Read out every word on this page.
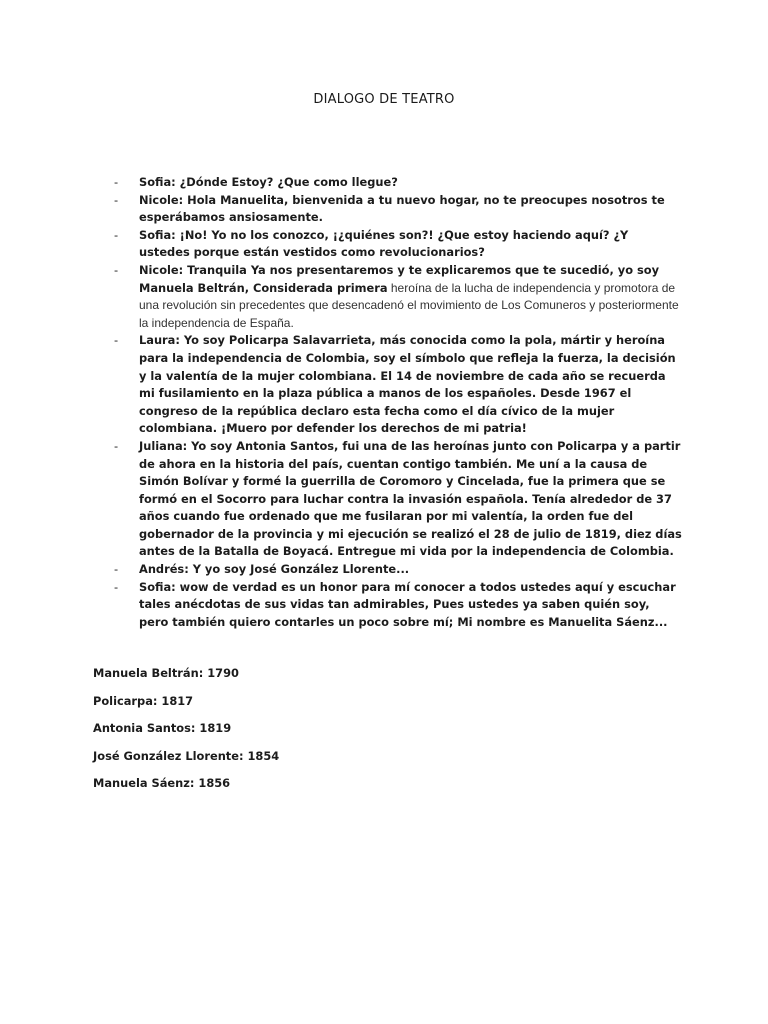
DIALOGO DE TEATRO
- Sofia: ¿Dónde Estoy? ¿Que como llegue?
- Nicole: Hola Manuelita, bienvenida a tu nuevo hogar, no te preocupes nosotros te esperábamos ansiosamente.
- Sofia: ¡No! Yo no los conozco, ¡¿quiénes son?! ¿Que estoy haciendo aquí? ¿Y ustedes porque están vestidos como revolucionarios?
- Nicole: Tranquila Ya nos presentaremos y te explicaremos que te sucedió, yo soy Manuela Beltrán, Considerada primera heroína de la lucha de independencia y promotora de una revolución sin precedentes que desencadenó el movimiento de Los Comuneros y posteriormente la independencia de España.
- Laura: Yo soy Policarpa Salavarrieta, más conocida como la pola, mártir y heroína para la independencia de Colombia, soy el símbolo que refleja la fuerza, la decisión y la valentía de la mujer colombiana. El 14 de noviembre de cada año se recuerda mi fusilamiento en la plaza pública a manos de los españoles. Desde 1967 el congreso de la república declaro esta fecha como el día cívico de la mujer colombiana. ¡Muero por defender los derechos de mi patria!
- Juliana: Yo soy Antonia Santos, fui una de las heroínas junto con Policarpa y a partir de ahora en la historia del país, cuentan contigo también. Me uní a la causa de Simón Bolívar y formé la guerrilla de Coromoro y Cincelada, fue la primera que se formó en el Socorro para luchar contra la invasión española. Tenía alrededor de 37 años cuando fue ordenado que me fusilaran por mi valentía, la orden fue del gobernador de la provincia y mi ejecución se realizó el 28 de julio de 1819, diez días antes de la Batalla de Boyacá. Entregue mi vida por la independencia de Colombia.
- Andrés: Y yo soy José González Llorente...
- Sofia: wow de verdad es un honor para mí conocer a todos ustedes aquí y escuchar tales anécdotas de sus vidas tan admirables, Pues ustedes ya saben quién soy, pero también quiero contarles un poco sobre mí; Mi nombre es Manuelita Sáenz...
Manuela Beltrán: 1790
Policarpa: 1817
Antonia Santos: 1819
José González Llorente: 1854
Manuela Sáenz: 1856
